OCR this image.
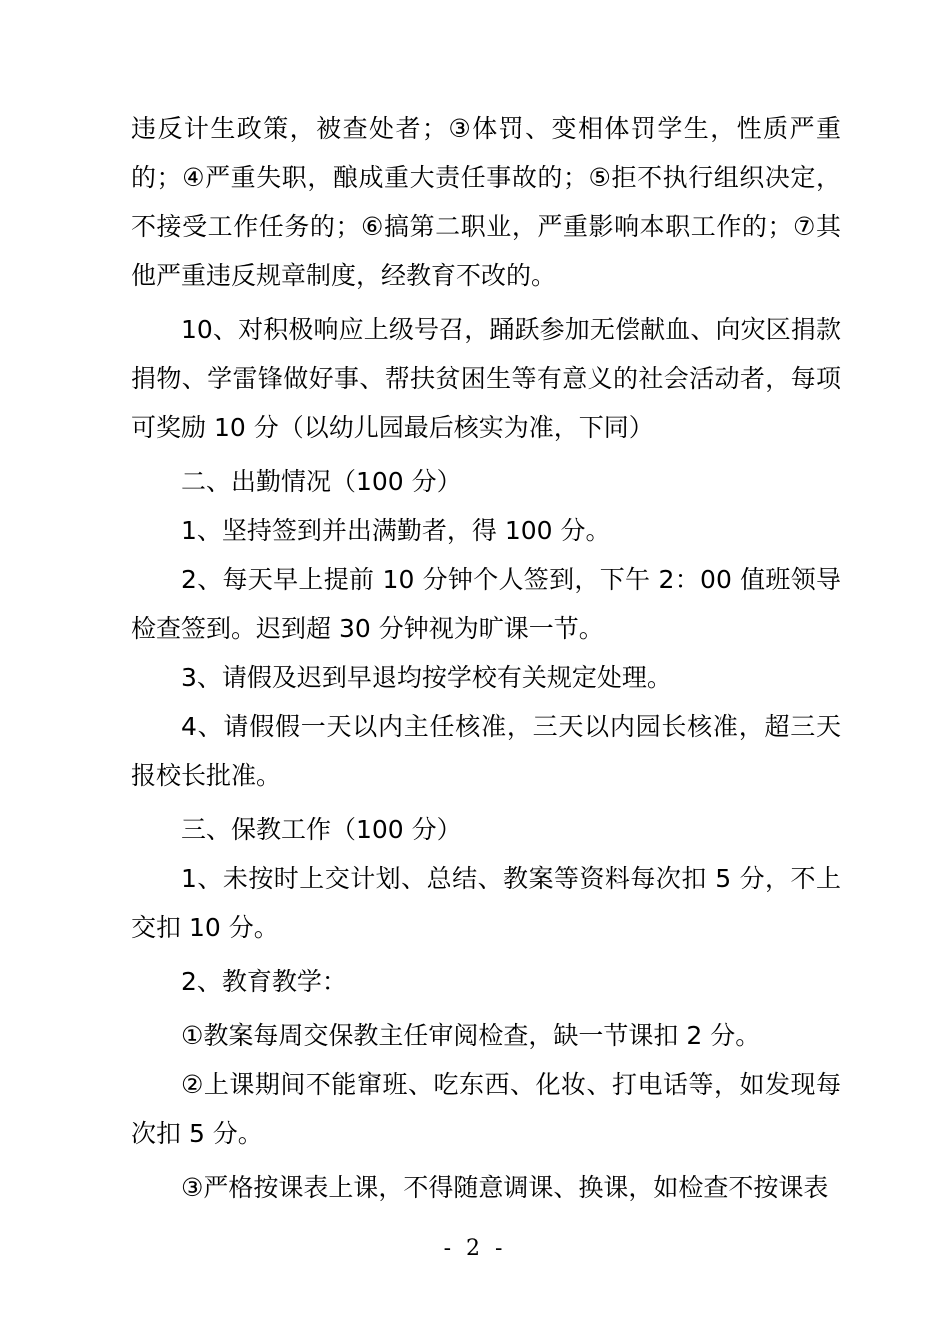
违反计生政策，被查处者；③体罚、变相体罚学生，性质严重的；④严重失职，酿成重大责任事故的；⑤拒不执行组织决定，不接受工作任务的；⑥搞第二职业，严重影响本职工作的；⑦其他严重违反规章制度，经教育不改的。

10、对积极响应上级号召，踊跃参加无偿献血、向灾区捐款捐物、学雷锋做好事、帮扶贫困生等有意义的社会活动者，每项可奖励 10 分（以幼儿园最后核实为准，下同）

二、出勤情况（100 分）

1、坚持签到并出满勤者，得 100 分。

2、每天早上提前 10 分钟个人签到，下午 2：00 值班领导检查签到。迟到超 30 分钟视为旷课一节。

3、请假及迟到早退均按学校有关规定处理。

4、请假假一天以内主任核准，三天以内园长核准，超三天报校长批准。

三、保教工作（100 分）

1、未按时上交计划、总结、教案等资料每次扣 5 分，不上交扣 10 分。

2、教育教学：

①教案每周交保教主任审阅检查，缺一节课扣 2 分。

②上课期间不能窜班、吃东西、化妆、打电话等，如发现每次扣 5 分。

③严格按课表上课，不得随意调课、换课，如检查不按课表

- 2 -
